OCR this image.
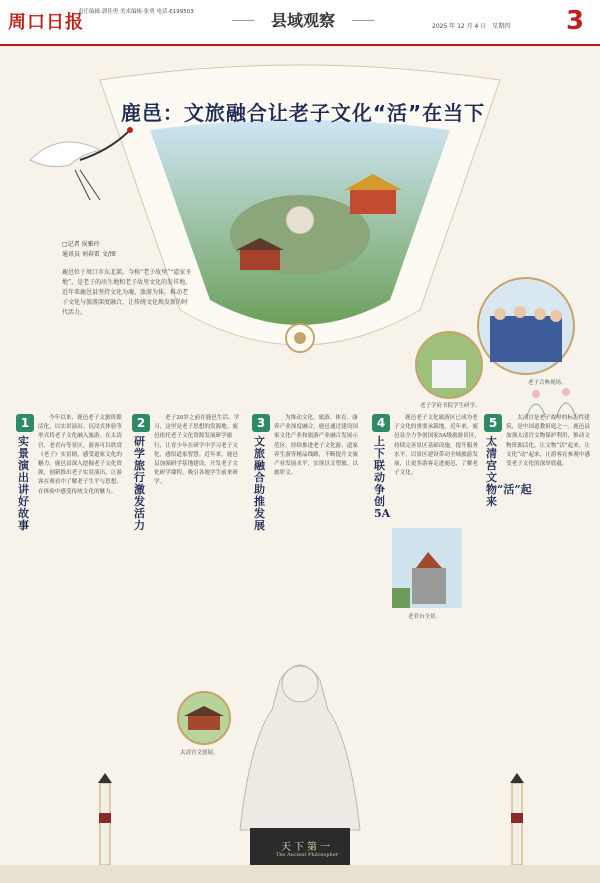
周口日报
责任编辑·郭佳勇 美术编辑·张勇 电话·6199503	县域观察	2025 年 12 月 4 日　星期四 3
鹿邑：文旅融合让老子文化“活”在当下
□记者 侯雅玲
通讯员 刘春雷 文/图
鹿邑位于周口市东北部，今称“老子故里”“道家圣地”，是老子的出生地和老子故里文化的发祥地。近年来鹿邑县坚持文化为魂、旅游为体，推动老子文化与旅游深度融合，让传统文化焕发新的时代活力。
老子合典现场。
老子学府书院学生研学。
1
实景演出讲好故事
今年以来，鹿邑老子文旅资源活化，以实景演出、沉浸式体验等形式将老子文化融入旅游。在太清宫、老君台等景区，游客可以欣赏《老子》实景剧，感受道家文化的魅力。鹿邑县深入挖掘老子文化资源，创新推出老子实景演出，让游客在观看中了解老子生平与思想，在体验中感受传统文化的魅力。
2
研学旅行激发活力
老子20岁之前在鹿邑生活、学习，这里是老子思想的发源地。鹿邑依托老子文化资源发展研学旅行，让青少年在研学中学习老子文化，感悟道家智慧。近年来，鹿邑县加强研学基地建设，开发老子文化研学课程，吸引各地学生前来研学。
3
文旅融合助推发展
为推动文化、旅游、体育、康养产业深度融合，鹿邑通过建设国家文化产业和旅游产业融合发展示范区，持续推进老子文化游、道家养生游等精品线路，不断提升文旅产业发展水平，实现以文塑旅、以旅彰文。
4
上下联动争创5A
鹿邑老子文化旅游区已成为老子文化的重要承载地。近年来，鹿邑县全力争创国家5A级旅游景区，持续完善景区基础设施，提升服务水平，以景区建设带动全域旅游发展，让更多游客走进鹿邑、了解老子文化。
5
太清宫文物“活”起来
太清宫是老子故里的标志性建筑，是中国道教祖庭之一。鹿邑县加强太清宫文物保护利用，推动文物资源活化，让文物“活”起来、让文化“动”起来，让游客在参观中感受老子文化的深厚底蕴。
太清宫文创展。
老君台全景。
天下第一
The Ancient Philosopher
